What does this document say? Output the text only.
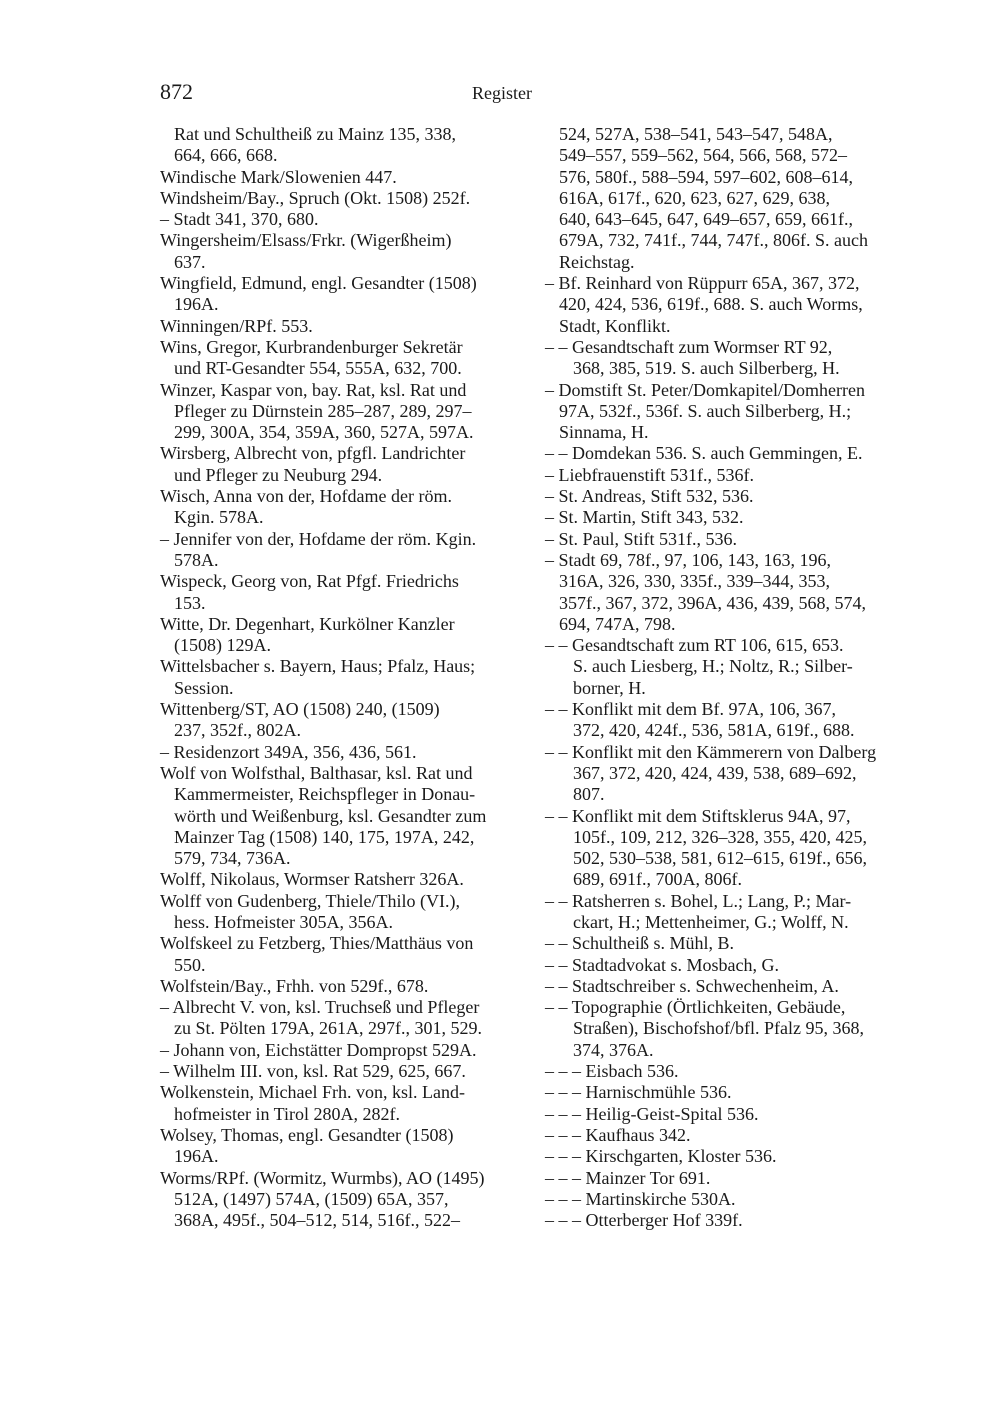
872	Register

Rat und Schultheiß zu Mainz 135, 338,
664, 666, 668.

Windische Mark/Slowenien 447.

Windsheim/Bay., Spruch (Okt. 1508) 252f.

– Stadt 341, 370, 680.

Wingersheim/Elsass/Frkr. (Wigerßheim)
637.

Wingfield, Edmund, engl. Gesandter (1508)
196A.

Winningen/RPf. 553.

Wins, Gregor, Kurbrandenburger Sekretär
und RT-Gesandter 554, 555A, 632, 700.

Winzer, Kaspar von, bay. Rat, ksl. Rat und
Pfleger zu Dürnstein 285–287, 289, 297–
299, 300A, 354, 359A, 360, 527A, 597A.

Wirsberg, Albrecht von, pfgfl. Landrichter
und Pfleger zu Neuburg 294.

Wisch, Anna von der, Hofdame der röm.
Kgin. 578A.

– Jennifer von der, Hofdame der röm. Kgin.
578A.

Wispeck, Georg von, Rat Pfgf. Friedrichs
153.

Witte, Dr. Degenhart, Kurkölner Kanzler
(1508) 129A.

Wittelsbacher s. Bayern, Haus; Pfalz, Haus;
Session.

Wittenberg/ST, AO (1508) 240, (1509)
237, 352f., 802A.

– Residenzort 349A, 356, 436, 561.

Wolf von Wolfsthal, Balthasar, ksl. Rat und
Kammermeister, Reichspfleger in Donau-
wörth und Weißenburg, ksl. Gesandter zum
Mainzer Tag (1508) 140, 175, 197A, 242,
579, 734, 736A.

Wolff, Nikolaus, Wormser Ratsherr 326A.

Wolff von Gudenberg, Thiele/Thilo (VI.),
hess. Hofmeister 305A, 356A.

Wolfskeel zu Fetzberg, Thies/Matthäus von
550.

Wolfstein/Bay., Frhh. von 529f., 678.

– Albrecht V. von, ksl. Truchseß und Pfleger
zu St. Pölten 179A, 261A, 297f., 301, 529.

– Johann von, Eichstätter Dompropst 529A.

– Wilhelm III. von, ksl. Rat 529, 625, 667.

Wolkenstein, Michael Frh. von, ksl. Land-
hofmeister in Tirol 280A, 282f.

Wolsey, Thomas, engl. Gesandter (1508)
196A.

Worms/RPf. (Wormitz, Wurmbs), AO (1495)
512A, (1497) 574A, (1509) 65A, 357,
368A, 495f., 504–512, 514, 516f., 522–

524, 527A, 538–541, 543–547, 548A,
549–557, 559–562, 564, 566, 568, 572–
576, 580f., 588–594, 597–602, 608–614,
616A, 617f., 620, 623, 627, 629, 638,
640, 643–645, 647, 649–657, 659, 661f.,
679A, 732, 741f., 744, 747f., 806f. S. auch
Reichstag.

– Bf. Reinhard von Rüppurr 65A, 367, 372,
420, 424, 536, 619f., 688. S. auch Worms,
Stadt, Konflikt.

– – Gesandtschaft zum Wormser RT 92,
368, 385, 519. S. auch Silberberg, H.

– Domstift St. Peter/Domkapitel/Domherren
97A, 532f., 536f. S. auch Silberberg, H.;
Sinnama, H.

– – Domdekan 536. S. auch Gemmingen, E.

– Liebfrauenstift 531f., 536f.

– St. Andreas, Stift 532, 536.

– St. Martin, Stift 343, 532.

– St. Paul, Stift 531f., 536.

– Stadt 69, 78f., 97, 106, 143, 163, 196,
316A, 326, 330, 335f., 339–344, 353,
357f., 367, 372, 396A, 436, 439, 568, 574,
694, 747A, 798.

– – Gesandtschaft zum RT 106, 615, 653.
S. auch Liesberg, H.; Noltz, R.; Silber-
borner, H.

– – Konflikt mit dem Bf. 97A, 106, 367,
372, 420, 424f., 536, 581A, 619f., 688.

– – Konflikt mit den Kämmerern von Dalberg
367, 372, 420, 424, 439, 538, 689–692,
807.

– – Konflikt mit dem Stiftsklerus 94A, 97,
105f., 109, 212, 326–328, 355, 420, 425,
502, 530–538, 581, 612–615, 619f., 656,
689, 691f., 700A, 806f.

– – Ratsherren s. Bohel, L.; Lang, P.; Mar-
ckart, H.; Mettenheimer, G.; Wolff, N.

– – Schultheiß s. Mühl, B.

– – Stadtadvokat s. Mosbach, G.

– – Stadtschreiber s. Schwechenheim, A.

– – Topographie (Örtlichkeiten, Gebäude,
Straßen), Bischofshof/bfl. Pfalz 95, 368,
374, 376A.

– – – Eisbach 536.

– – – Harnischmühle 536.

– – – Heilig-Geist-Spital 536.

– – – Kaufhaus 342.

– – – Kirschgarten, Kloster 536.

– – – Mainzer Tor 691.

– – – Martinskirche 530A.

– – – Otterberger Hof 339f.
